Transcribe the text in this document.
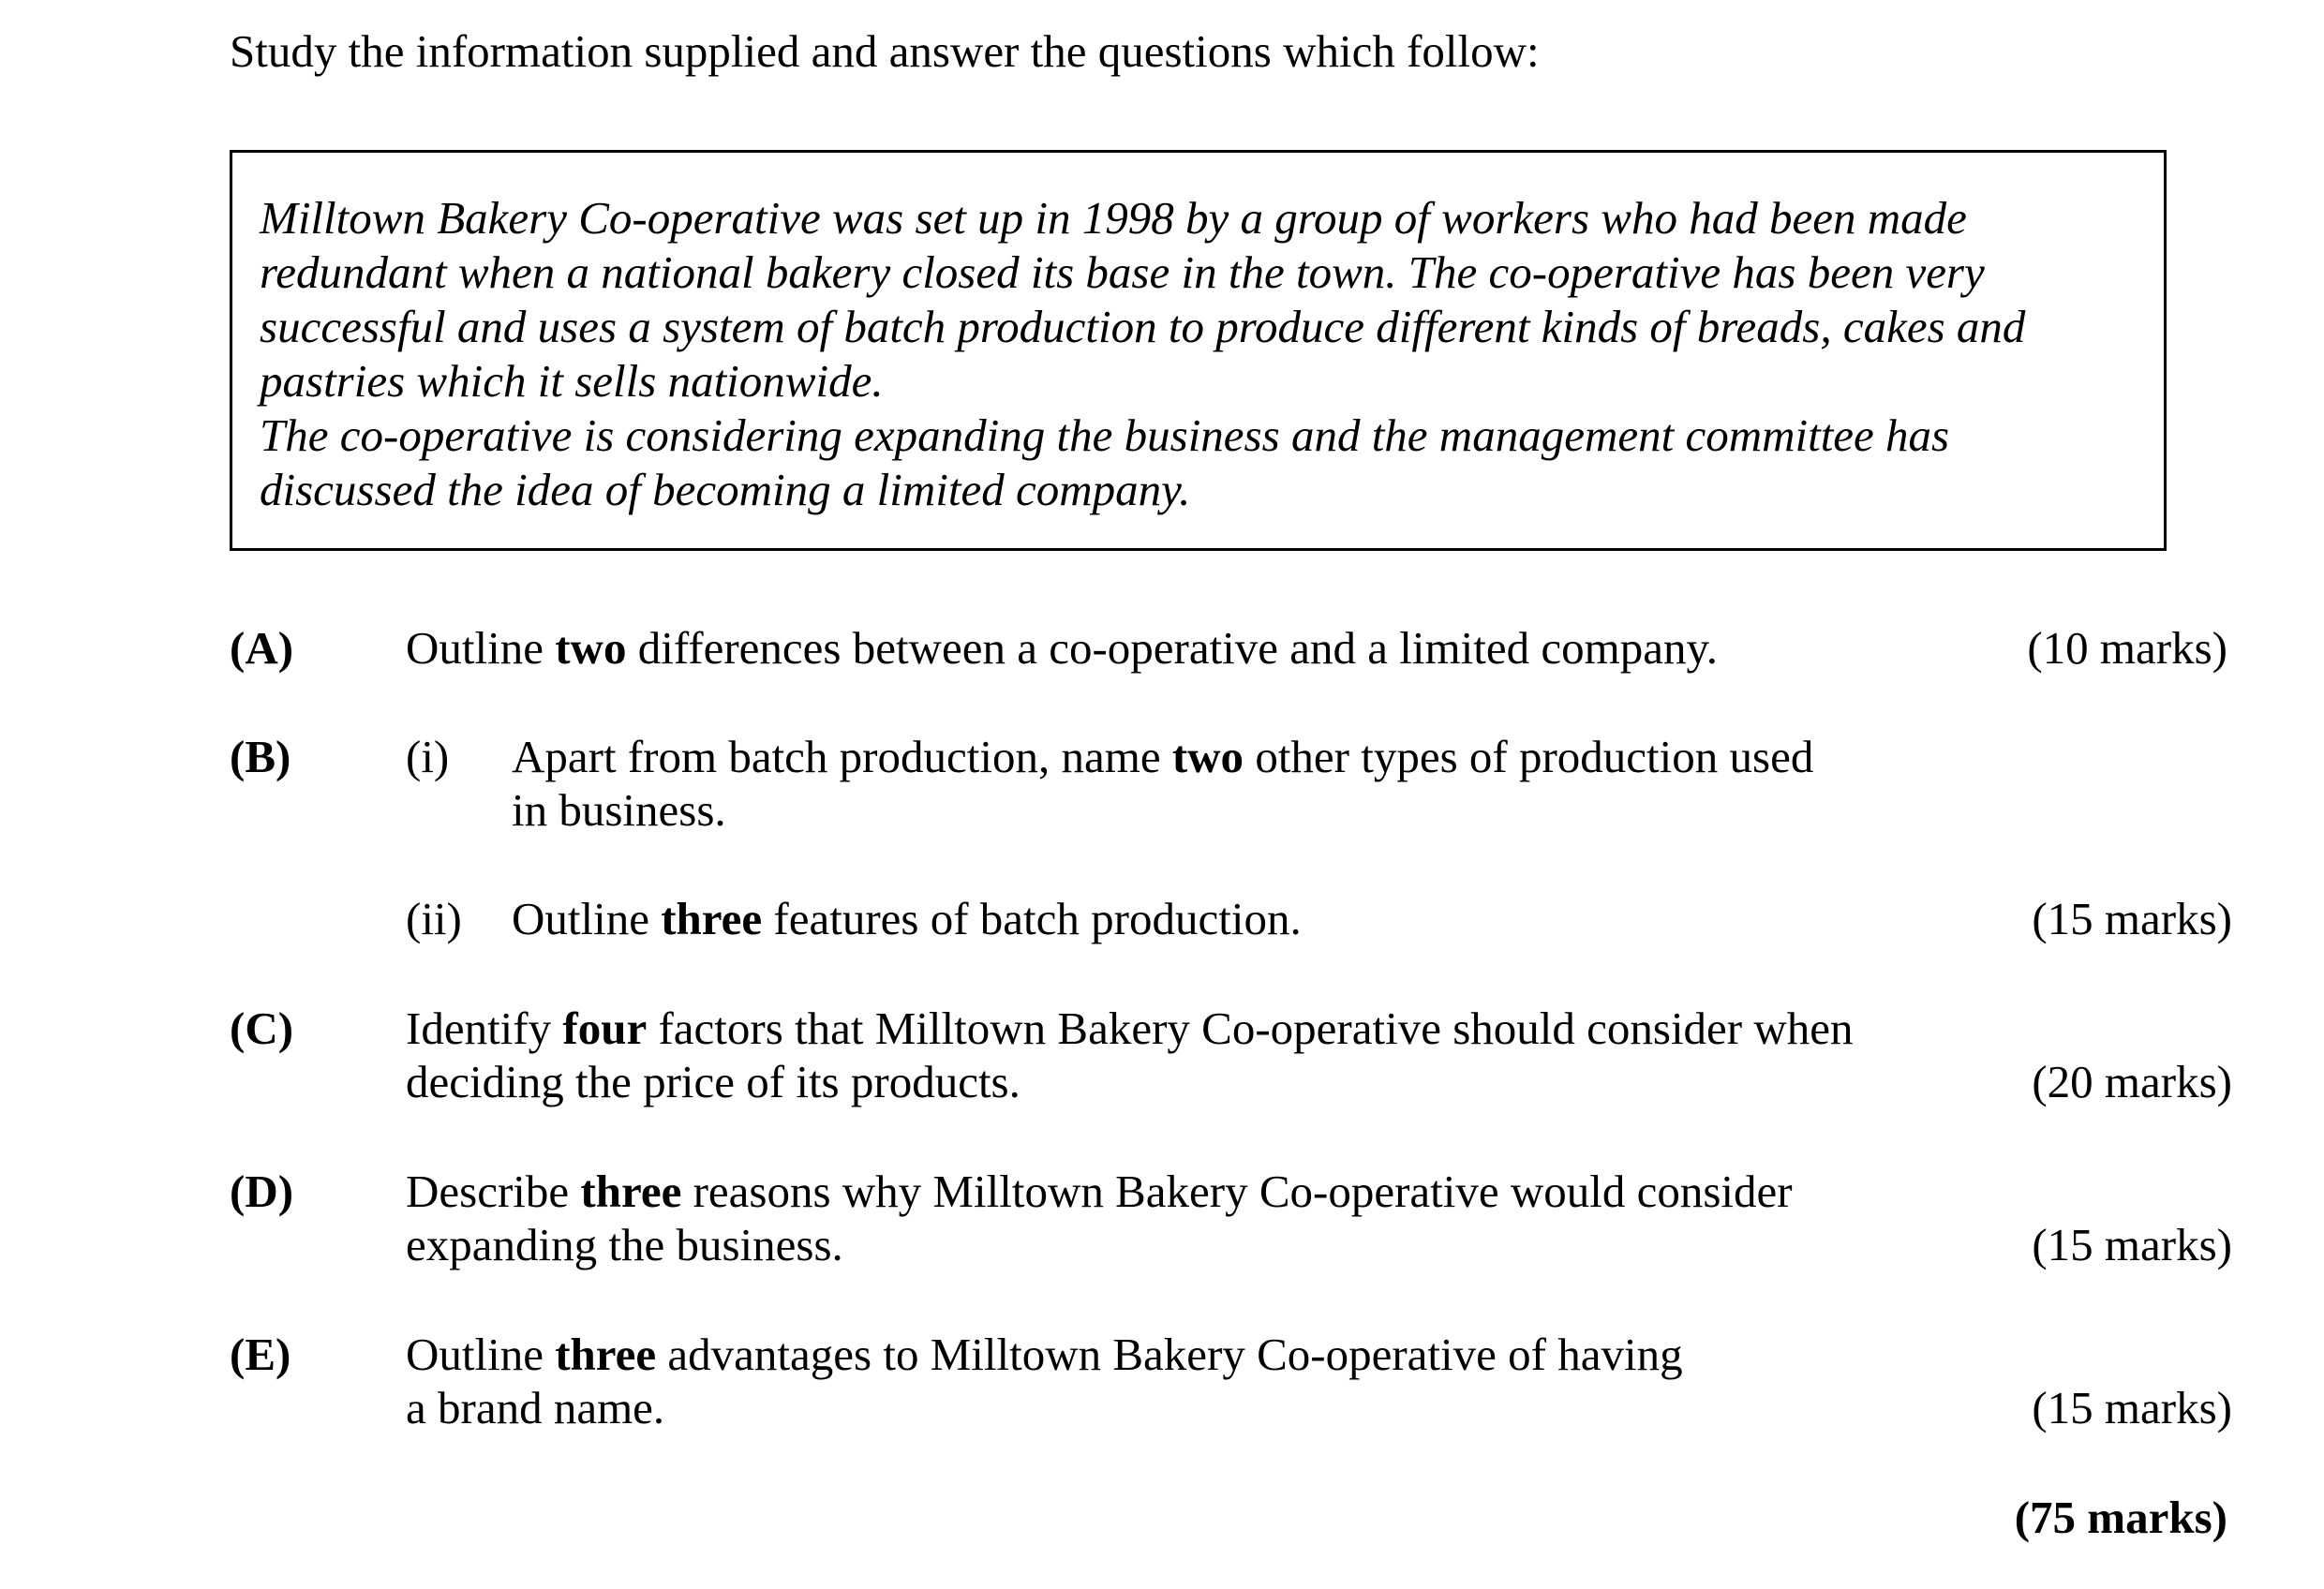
Study the information supplied and answer the questions which follow:
Milltown Bakery Co-operative was set up in 1998 by a group of workers who had been made
redundant when a national bakery closed its base in the town. The co-operative has been very
successful and uses a system of batch production to produce different kinds of breads, cakes and
pastries which it sells nationwide.
The co-operative is considering expanding the business and the management committee has
discussed the idea of becoming a limited company.
(A) Outline two differences between a co-operative and a limited company.	(10 marks)
(B)	(i) Apart from batch production, name two other types of production used
in business.
(ii) Outline three features of batch production.	(15 marks)
(C) Identify four factors that Milltown Bakery Co-operative should consider when
deciding the price of its products.	(20 marks)
(D) Describe three reasons why Milltown Bakery Co-operative would consider
expanding the business.	(15 marks)
(E)	Outline three advantages to Milltown Bakery Co-operative of having
a brand name.	(15 marks)
(75 marks)
